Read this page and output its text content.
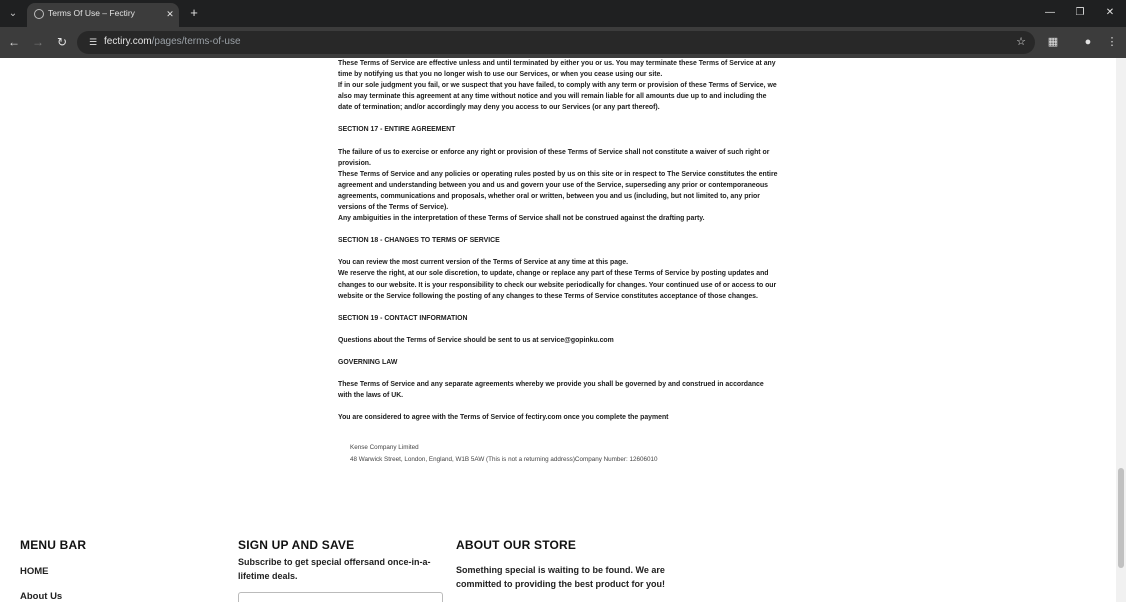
⌄	Terms Of Use – Fectiry	✕	+	—	❐	✕
← → ↻	☰ fectiry.com/pages/terms-of-use	☆ ▦	●	⋮

These Terms of Service are effective unless and until terminated by either you or us. You may terminate these Terms of Service at any time by notifying us that you no longer wish to use our Services, or when you cease using our site.

If in our sole judgment you fail, or we suspect that you have failed, to comply with any term or provision of these Terms of Service, we also may terminate this agreement at any time without notice and you will remain liable for all amounts due up to and including the date of termination; and/or accordingly may deny you access to our Services (or any part thereof).

SECTION 17 - ENTIRE AGREEMENT

The failure of us to exercise or enforce any right or provision of these Terms of Service shall not constitute a waiver of such right or provision.

These Terms of Service and any policies or operating rules posted by us on this site or in respect to The Service constitutes the entire agreement and understanding between you and us and govern your use of the Service, superseding any prior or contemporaneous agreements, communications and proposals, whether oral or written, between you and us (including, but not limited to, any prior versions of the Terms of Service).

Any ambiguities in the interpretation of these Terms of Service shall not be construed against the drafting party.

SECTION 18 - CHANGES TO TERMS OF SERVICE

You can review the most current version of the Terms of Service at any time at this page.

We reserve the right, at our sole discretion, to update, change or replace any part of these Terms of Service by posting updates and changes to our website. It is your responsibility to check our website periodically for changes. Your continued use of or access to our website or the Service following the posting of any changes to these Terms of Service constitutes acceptance of those changes.

SECTION 19 - CONTACT INFORMATION

Questions about the Terms of Service should be sent to us at service@gopinku.com

GOVERNING LAW

These Terms of Service and any separate agreements whereby we provide you shall be governed by and construed in accordance with the laws of UK.

You are considered to agree with the Terms of Service of fectiry.com once you complete the payment

Kense Company Limited
48 Warwick Street, London, England, W1B 5AW (This is not a returning address)Company Number: 12606010
MENU BAR
HOME
About Us
SIGN UP AND SAVE
Subscribe to get special offersand once-in-a-lifetime deals.
ABOUT OUR STORE
Something special is waiting to be found. We are committed to providing the best product for you!
